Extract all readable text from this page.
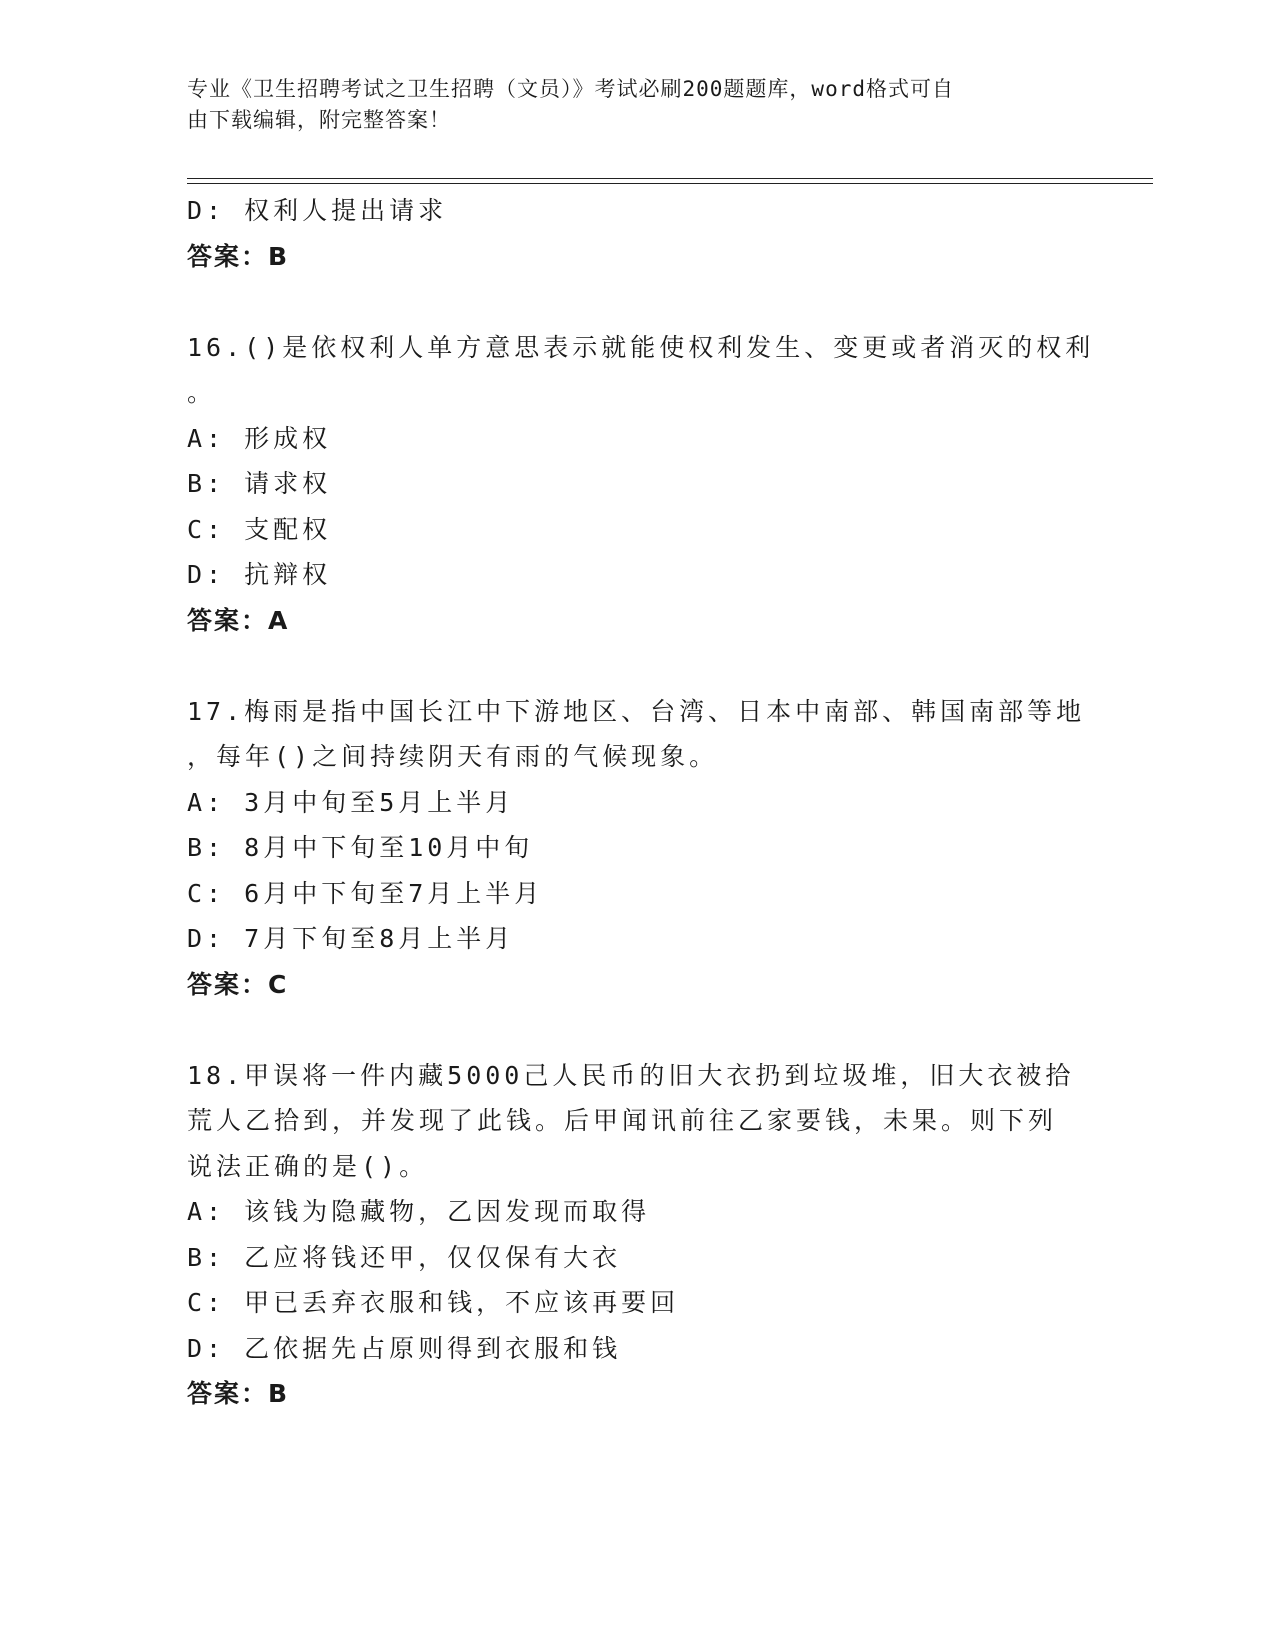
专业《卫生招聘考试之卫生招聘（文员）》考试必刷200题题库，word格式可自
由下载编辑，附完整答案！
D: 权利人提出请求
答案：B
16.()是依权利人单方意思表示就能使权利发生、变更或者消灭的权利
。
A: 形成权
B: 请求权
C: 支配权
D: 抗辩权
答案：A
17.梅雨是指中国长江中下游地区、台湾、日本中南部、韩国南部等地
，每年()之间持续阴天有雨的气候现象。
A: 3月中旬至5月上半月
B: 8月中下旬至10月中旬
C: 6月中下旬至7月上半月
D: 7月下旬至8月上半月
答案：C
18.甲误将一件内藏5000己人民币的旧大衣扔到垃圾堆，旧大衣被拾
荒人乙拾到，并发现了此钱。后甲闻讯前往乙家要钱，未果。则下列
说法正确的是()。
A: 该钱为隐藏物，乙因发现而取得
B: 乙应将钱还甲，仅仅保有大衣
C: 甲已丢弃衣服和钱，不应该再要回
D: 乙依据先占原则得到衣服和钱
答案：B
